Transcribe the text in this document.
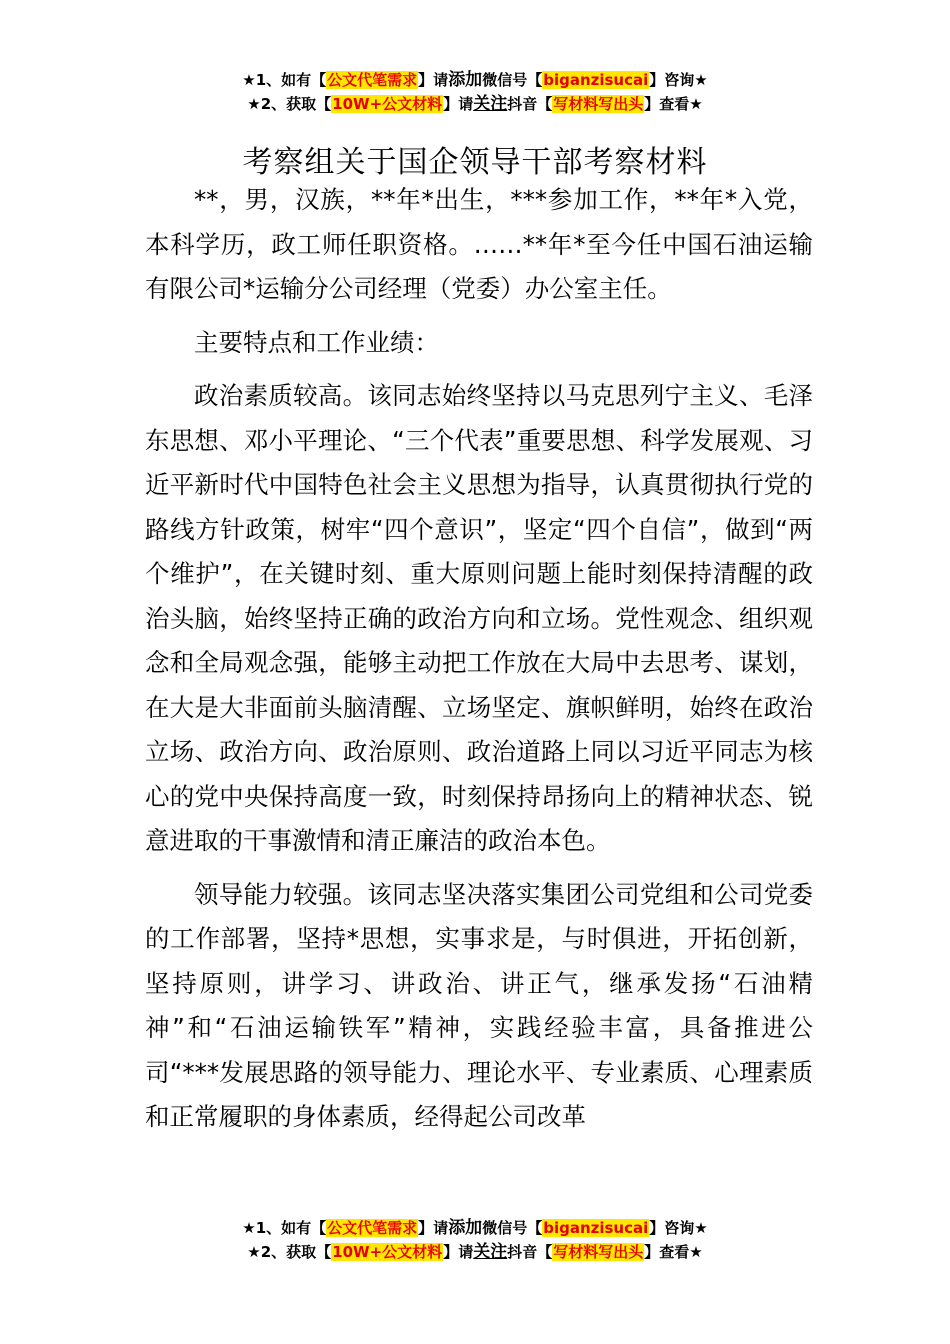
★1、如有【公文代笔需求】请添加微信号【biganzisucai】咨询★
★2、获取【10W+公文材料】请关注抖音【写材料写出头】查看★
考察组关于国企领导干部考察材料

**，男，汉族，**年*出生，***参加工作，**年*入党，本科学历，政工师任职资格。……**年*至今任中国石油运输有限公司*运输分公司经理（党委）办公室主任。

主要特点和工作业绩：

政治素质较高。该同志始终坚持以马克思列宁主义、毛泽东思想、邓小平理论、“三个代表”重要思想、科学发展观、习近平新时代中国特色社会主义思想为指导，认真贯彻执行党的路线方针政策，树牢“四个意识”，坚定“四个自信”，做到“两个维护”，在关键时刻、重大原则问题上能时刻保持清醒的政治头脑，始终坚持正确的政治方向和立场。党性观念、组织观念和全局观念强，能够主动把工作放在大局中去思考、谋划，在大是大非面前头脑清醒、立场坚定、旗帜鲜明，始终在政治立场、政治方向、政治原则、政治道路上同以习近平同志为核心的党中央保持高度一致，时刻保持昂扬向上的精神状态、锐意进取的干事激情和清正廉洁的政治本色。

领导能力较强。该同志坚决落实集团公司党组和公司党委的工作部署，坚持*思想，实事求是，与时俱进，开拓创新，坚持原则，讲学习、讲政治、讲正气，继承发扬“石油精神”和“石油运输铁军”精神，实践经验丰富，具备推进公司“***发展思路的领导能力、理论水平、专业素质、心理素质和正常履职的身体素质，经得起公司改革

★1、如有【公文代笔需求】请添加微信号【biganzisucai】咨询★
★2、获取【10W+公文材料】请关注抖音【写材料写出头】查看★
